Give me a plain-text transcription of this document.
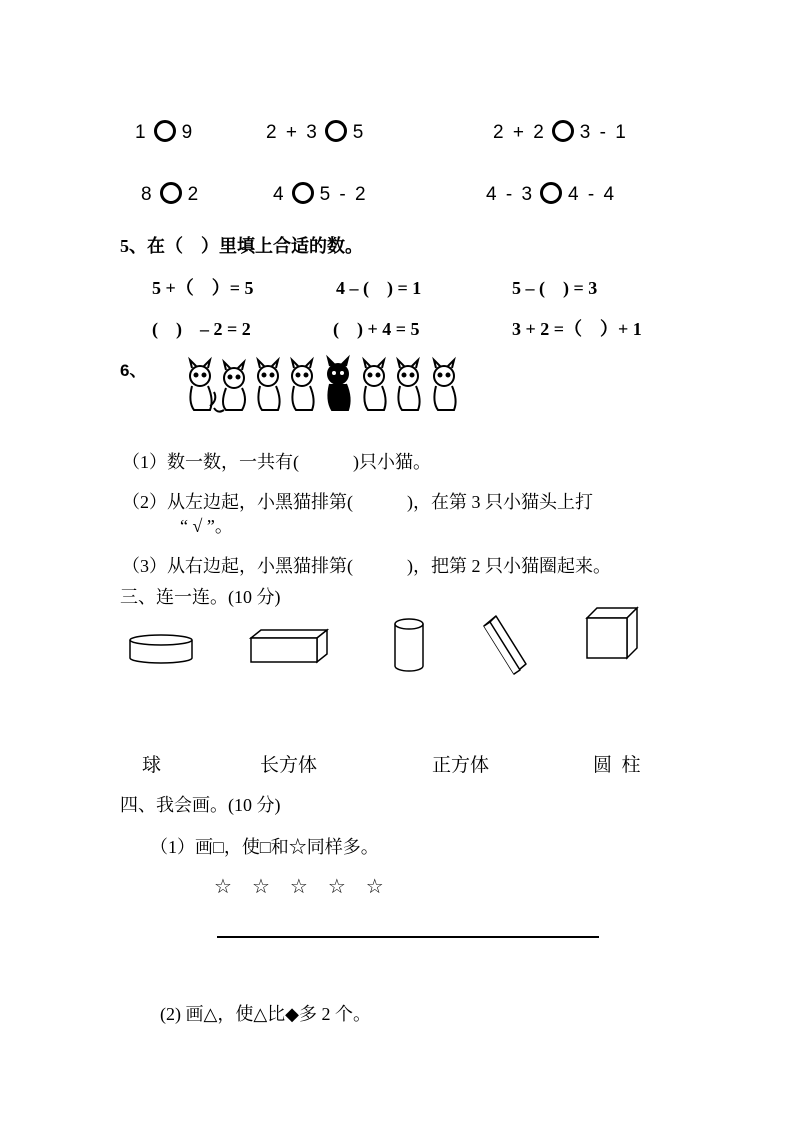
1 9	2 + 3 5	2 + 2 3 - 1
8 2	4 5 - 2	4 - 3 4 - 4
5、在（　）里填上合适的数。
5 +（　）= 5	4 – (　) = 1	5 – (　) = 3
(　)　– 2 = 2	(　) + 4 = 5	3 + 2 =（　）+ 1
6、
（1）数一数，一共有(　　　)只小猫。
（2）从左边起，小黑猫排第(　　　)，在第 3 只小猫头上打
“ √ ”。
（3）从右边起，小黑猫排第(　　　)，把第 2 只小猫圈起来。
三、连一连。(10 分)
球	长方体	正方体	圆  柱
四、我会画。(10 分)
（1）画□，使□和☆同样多。
☆ ☆ ☆ ☆ ☆
(2) 画△，使△比◆多 2 个。
